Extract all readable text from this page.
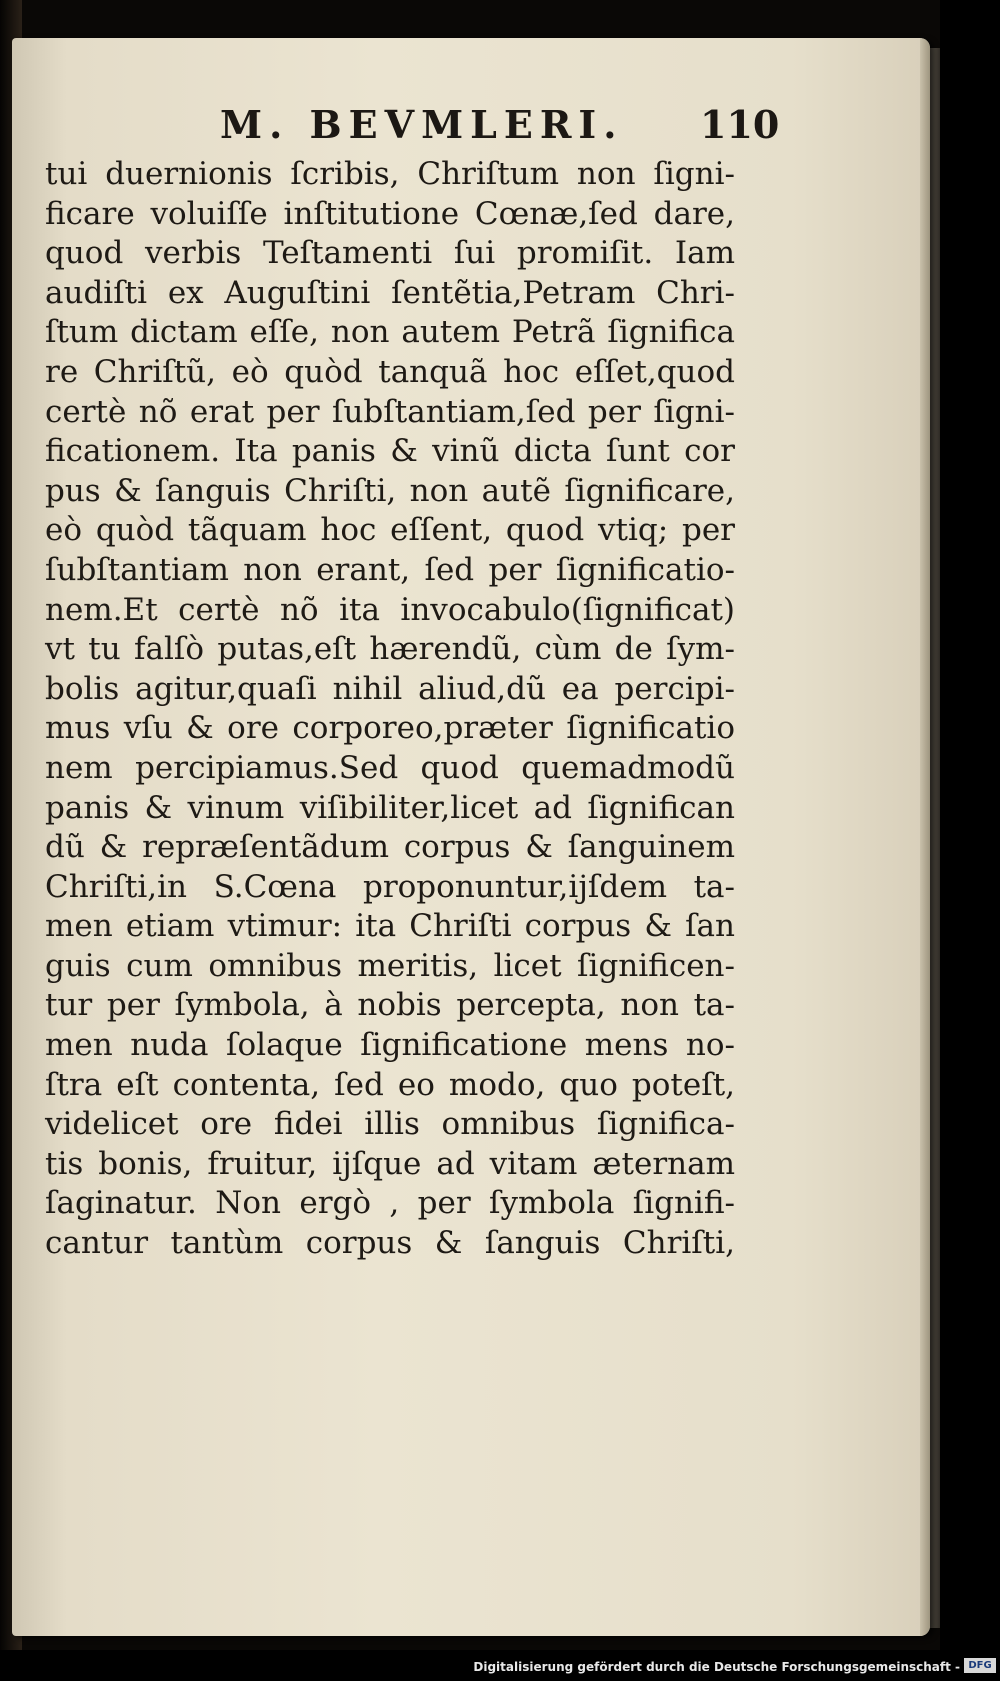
M. BEVMLERI. 110
tui duernionis ſcribis, Chriſtum non ſigni-
ficare voluiſſe inſtitutione Cœnæ,ſed dare,
quod verbis Teſtamenti ſui promiſit. Iam
audiſti ex Auguſtini ſentẽtia,Petram Chri-
ſtum dictam eſſe, non autem Petrã ſignifica
re Chriſtũ, eò quòd tanquã hoc eſſet,quod
certè nõ erat per ſubſtantiam,ſed per ſigni-
ficationem. Ita panis & vinũ dicta ſunt cor
pus & ſanguis Chriſti, non autẽ ſignificare,
eò quòd tãquam hoc eſſent, quod vtiq; per
ſubſtantiam non erant, ſed per ſignificatio-
nem.Et certè nõ ita invocabulo(ſignificat)
vt tu falſò putas,eſt hærendũ, cùm de ſym-
bolis agitur,quaſi nihil aliud,dũ ea percipi-
mus vſu & ore corporeo,præter ſignificatio
nem percipiamus.Sed quod quemadmodũ
panis & vinum viſibiliter,licet ad ſignifican
dũ & repræſentãdum corpus & ſanguinem
Chriſti,in S.Cœna proponuntur,ijſdem ta-
men etiam vtimur: ita Chriſti corpus & ſan
guis cum omnibus meritis, licet ſignificen-
tur per ſymbola, à nobis percepta, non ta-
men nuda ſolaque ſignificatione mens no-
ſtra eſt contenta, ſed eo modo, quo poteſt,
videlicet ore fidei illis omnibus ſignifica-
tis bonis, fruitur, ijſque ad vitam æternam
ſaginatur. Non ergò , per ſymbola ſignifi-
cantur tantùm corpus & ſanguis Chriſti,
Digitalisierung gefördert durch die Deutsche Forschungsgemeinschaft - DFG
